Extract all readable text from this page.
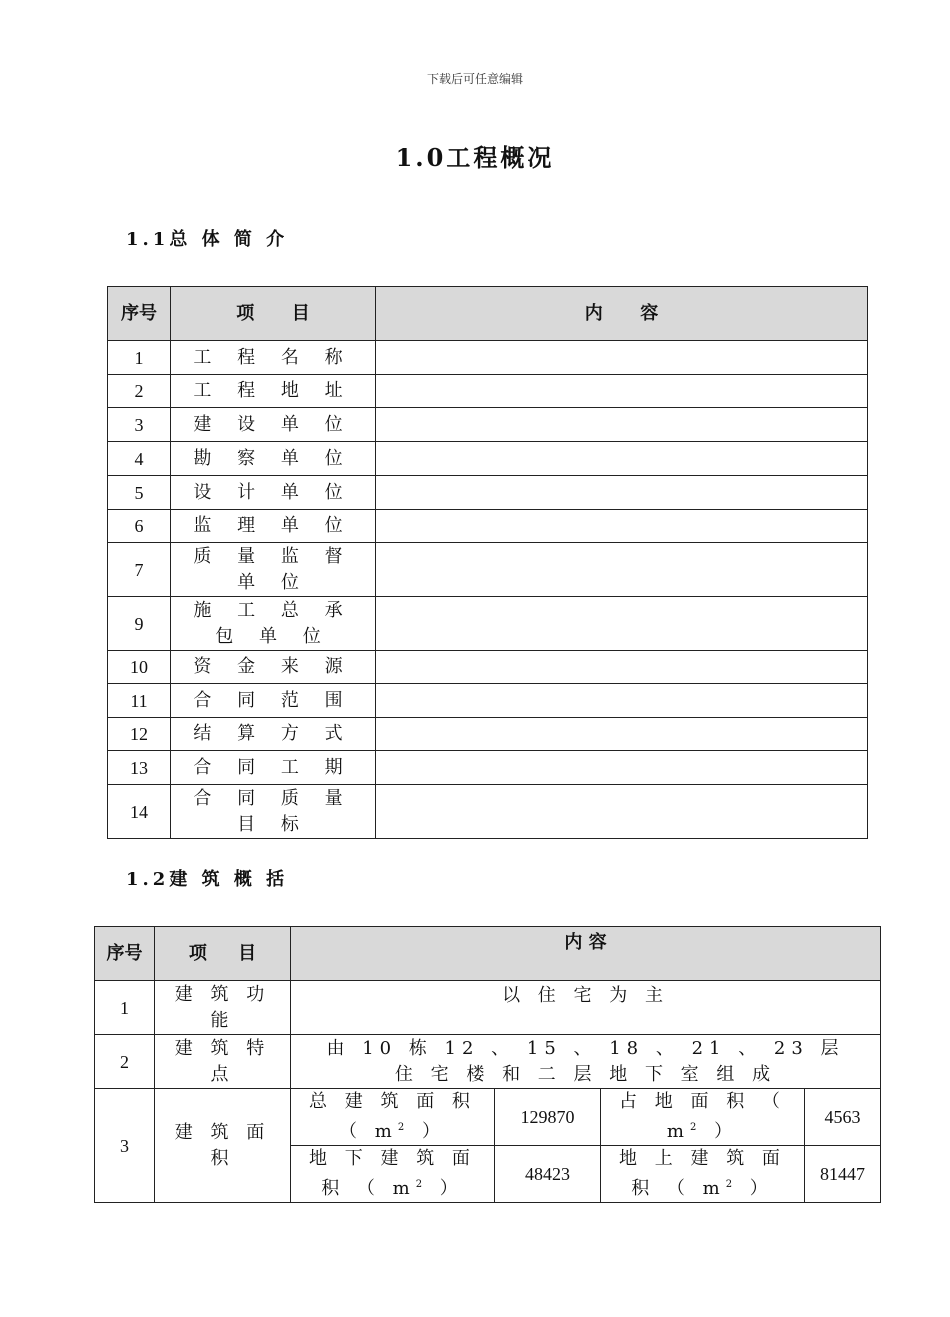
下载后可任意编辑
1.0工程概况
1.1总 体 简 介
序号	项      目	内      容
1	工 程 名 称	
2	工 程 地 址	
3	建 设 单 位	
4	勘 察 单 位	
5	设 计 单 位	
6	监 理 单 位	
7	质 量 监 督 单 位	
9	施 工 总 承 包 单 位	
10	资 金 来 源	
11	合 同 范 围	
12	结 算 方 式	
13	合 同 工 期	
14	合 同 质 量 目 标	
1.2建 筑 概 括
序号	项     目	内 容			
1	建 筑 功 能	以 住 宅 为 主			
2	建 筑 特 点	由 10 栋 12 、 15 、 18 、 21 、 23 层 住 宅 楼 和 二 层 地 下 室 组 成			
3	建 筑 面 积	总 建 筑 面 积 （ $m^2$ ）	129870	占 地 面 积 （ $m^2$ ）	4563
		地 下 建 筑 面 积 （ $m^2$ ）	48423	地 上 建 筑 面 积 （ $m^2$ ）	81447
